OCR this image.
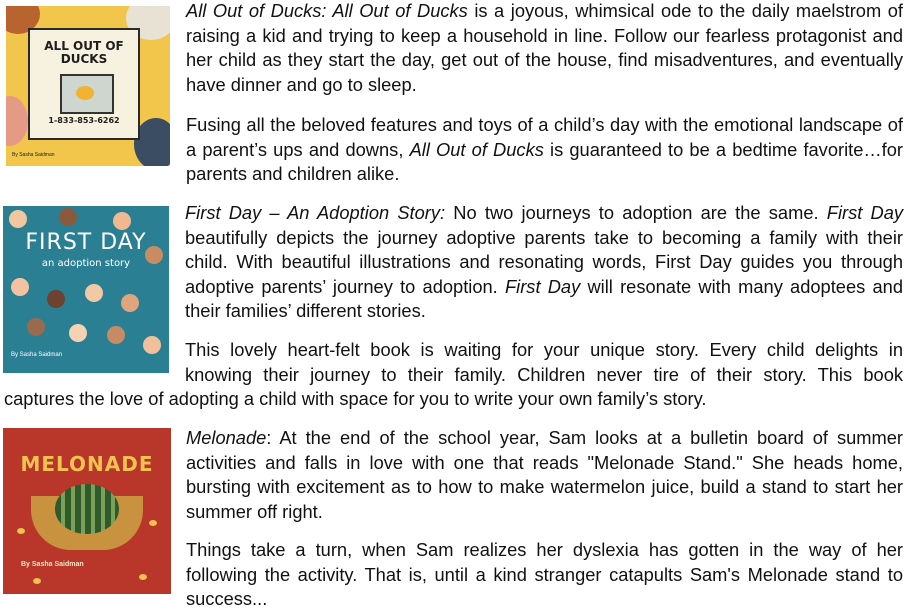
ALL OUT OF
DUCKS
1-833-853-6262
By Sasha Saidman

All Out of Ducks: All Out of Ducks is a joyous, whimsical ode to the daily maelstrom of raising a kid and trying to keep a household in line. Follow our fearless protagonist and her child as they start the day, get out of the house, find misadventures, and eventually have dinner and go to sleep.

Fusing all the beloved features and toys of a child’s day with the emotional landscape of a parent’s ups and downs, All Out of Ducks is guaranteed to be a bedtime favorite…for parents and children alike.

FIRST DAY
an adoption story
By Sasha Saidman

First Day – An Adoption Story: No two journeys to adoption are the same. First Day beautifully depicts the journey adoptive parents take to becoming a family with their child. With beautiful illustrations and resonating words, First Day guides you through adoptive parents’ journey to adoption. First Day will resonate with many adoptees and their families’ different stories.

This lovely heart-felt book is waiting for your unique story. Every child delights in knowing their journey to their family. Children never tire of their story. This book

captures the love of adopting a child with space for you to write your own family’s story.

MELONADE
By Sasha Saidman

Melonade: At the end of the school year, Sam looks at a bulletin board of summer activities and falls in love with one that reads "Melonade Stand." She heads home, bursting with excitement as to how to make watermelon juice, build a stand to start her summer off right.

Things take a turn, when Sam realizes her dyslexia has gotten in the way of her following the activity. That is, until a kind stranger catapults Sam's Melonade stand to success...
